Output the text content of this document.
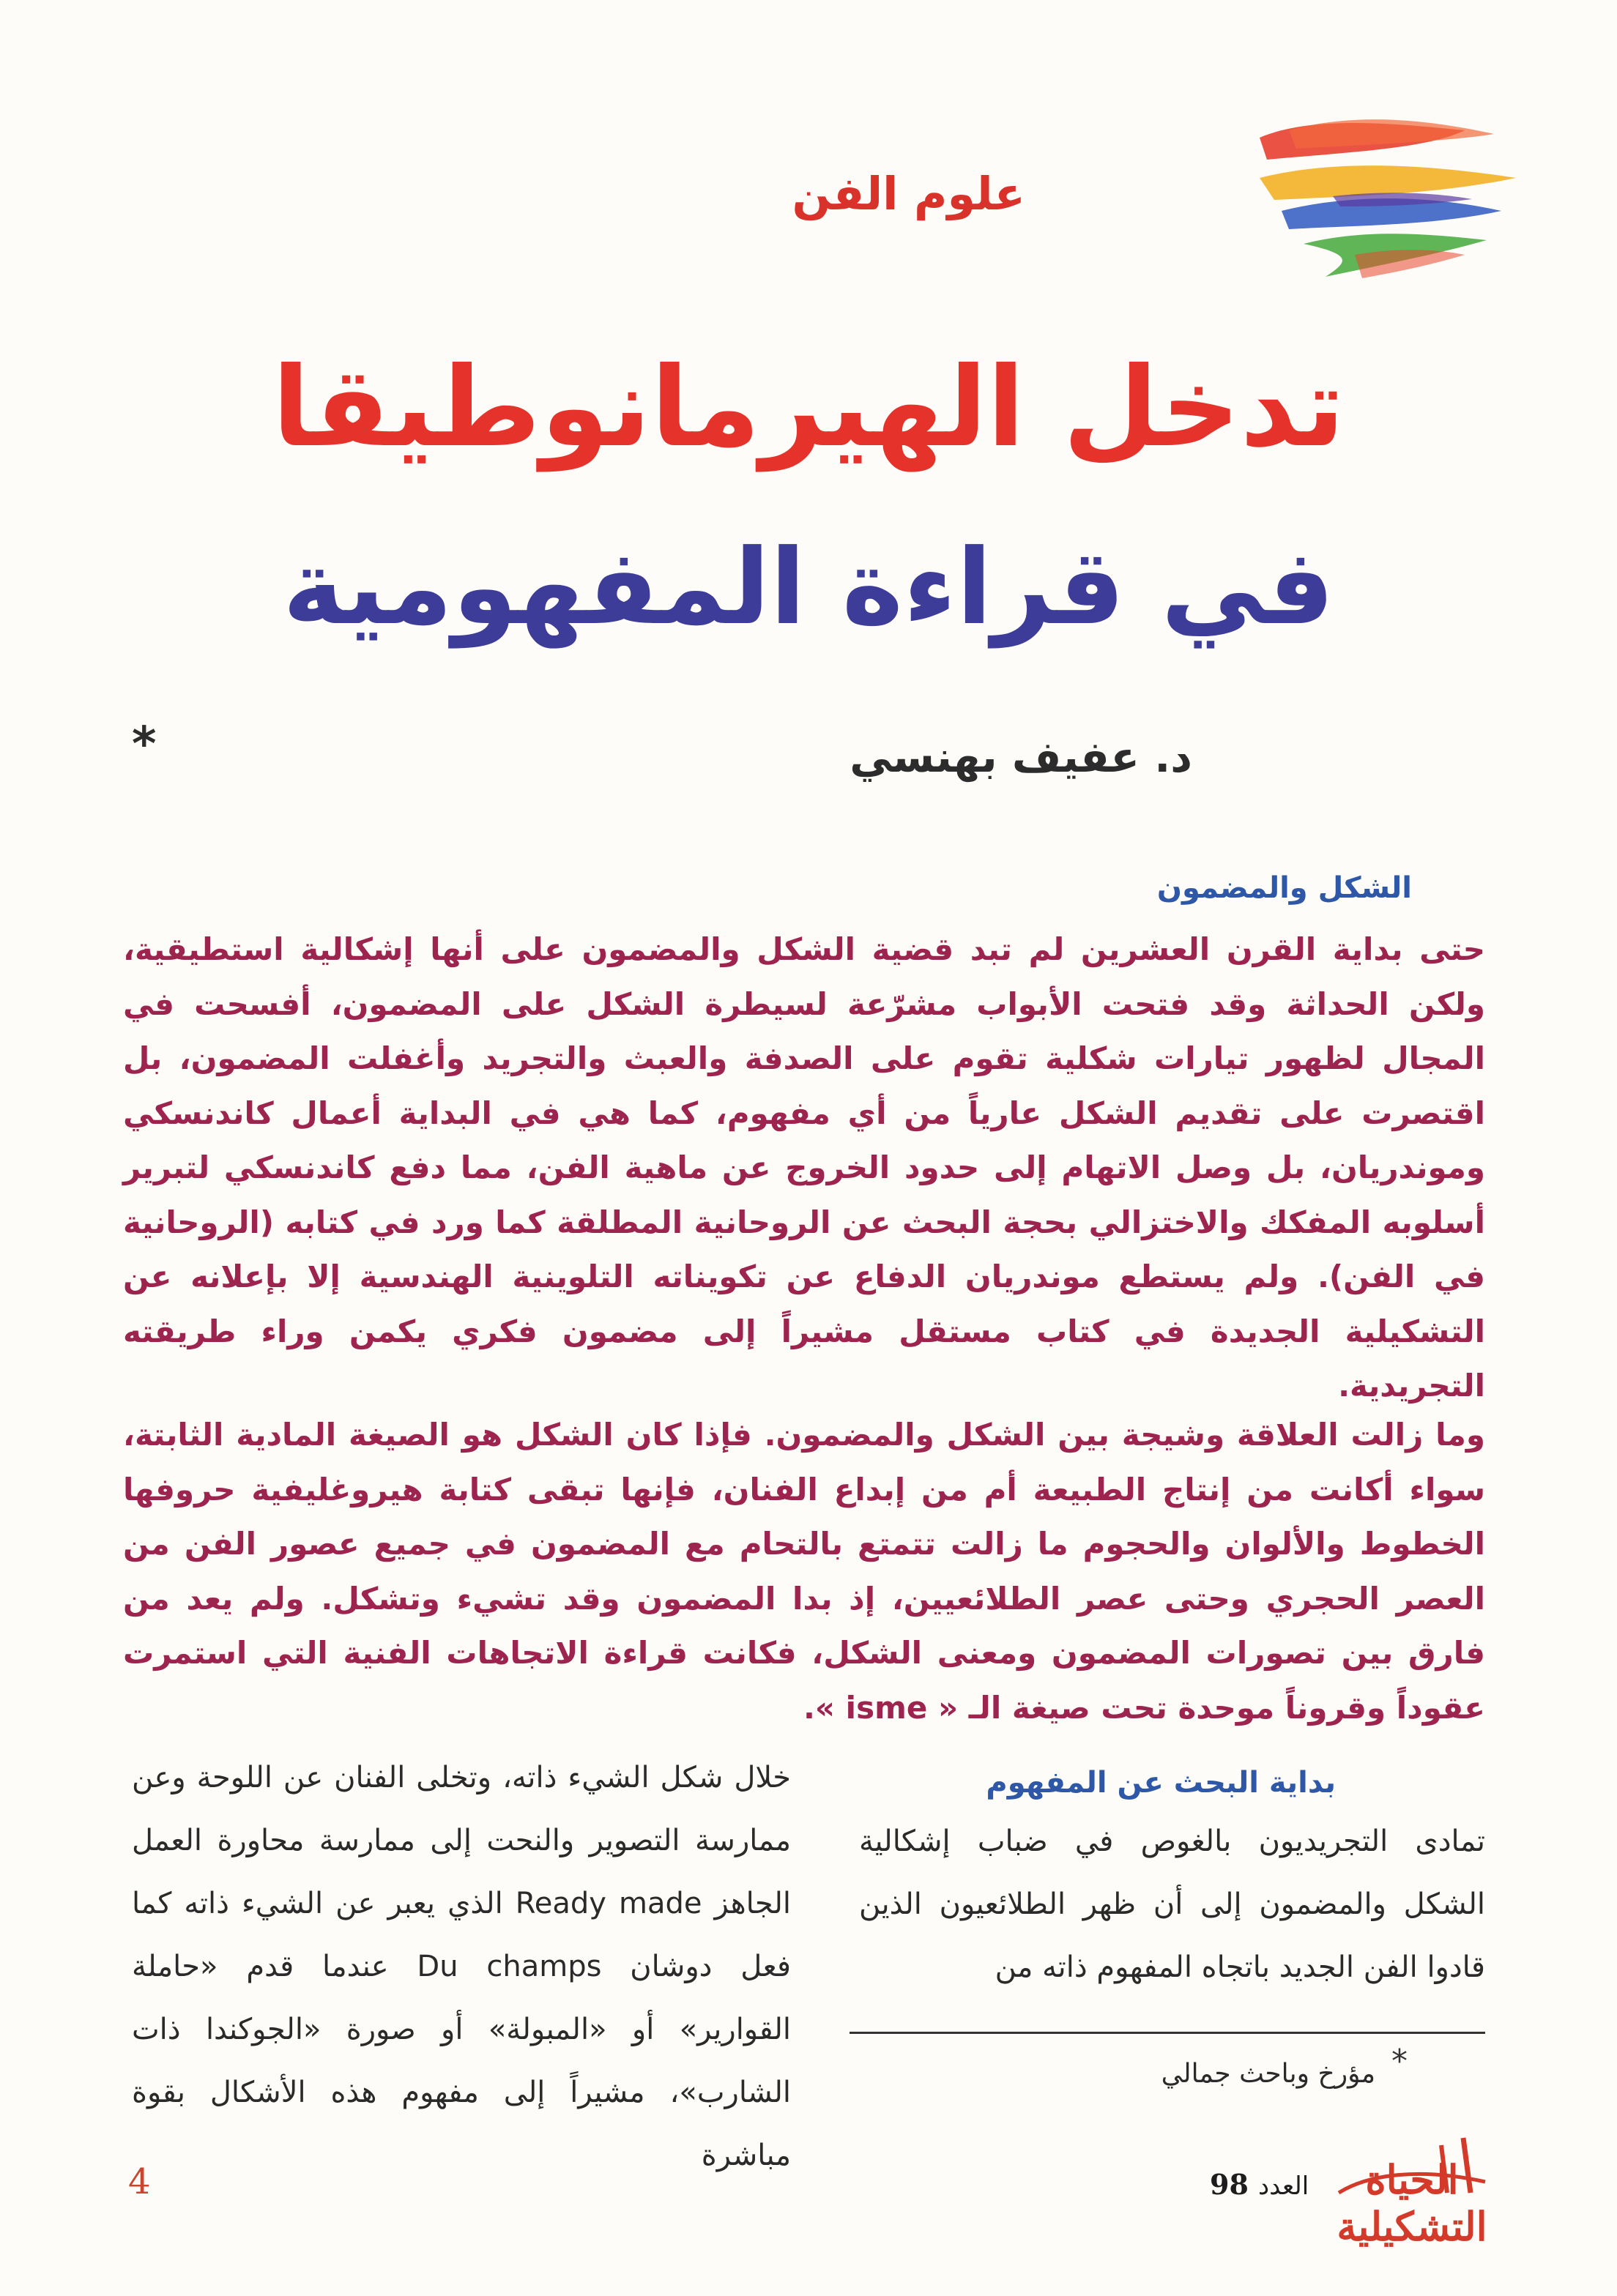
علوم الفن
تدخل الهيرمانوطيقا
في قراءة المفهومية
د. عفيف بهنسي
*
الشكل والمضمون

حتى بداية القرن العشرين لم تبد قضية الشكل والمضمون على أنها إشكالية استطيقية، ولكن الحداثة وقد فتحت الأبواب مشرّعة لسيطرة الشكل على المضمون، أفسحت في المجال لظهور تيارات شكلية تقوم على الصدفة والعبث والتجريد وأغفلت المضمون، بل اقتصرت على تقديم الشكل عارياً من أي مفهوم، كما هي في البداية أعمال كاندنسكي وموندريان، بل وصل الاتهام إلى حدود الخروج عن ماهية الفن، مما دفع كاندنسكي لتبرير أسلوبه المفكك والاختزالي بحجة البحث عن الروحانية المطلقة كما ورد في كتابه (الروحانية في الفن). ولم يستطع موندريان الدفاع عن تكويناته التلوينية الهندسية إلا بإعلانه عن التشكيلية الجديدة في كتاب مستقل مشيراً إلى مضمون فكري يكمن وراء طريقته التجريدية.

وما زالت العلاقة وشيجة بين الشكل والمضمون. فإذا كان الشكل هو الصيغة المادية الثابتة، سواء أكانت من إنتاج الطبيعة أم من إبداع الفنان، فإنها تبقى كتابة هيروغليفية حروفها الخطوط والألوان والحجوم ما زالت تتمتع بالتحام مع المضمون في جميع عصور الفن من العصر الحجري وحتى عصر الطلائعيين، إذ بدا المضمون وقد تشيء وتشكل. ولم يعد من فارق بين تصورات المضمون ومعنى الشكل، فكانت قراءة الاتجاهات الفنية التي استمرت عقوداً وقروناً موحدة تحت صيغة الـ « isme ».

بداية البحث عن المفهوم

تمادى التجريديون بالغوص في ضباب إشكالية الشكل والمضمون إلى أن ظهر الطلائعيون الذين قادوا الفن الجديد باتجاه المفهوم ذاته من

خلال شكل الشيء ذاته، وتخلى الفنان عن اللوحة وعن ممارسة التصوير والنحت إلى ممارسة محاورة العمل الجاهز Ready made الذي يعبر عن الشيء ذاته كما فعل دوشان Du champs عندما قدم «حاملة القوارير» أو «المبولة» أو صورة «الجوكندا ذات الشارب»، مشيراً إلى مفهوم هذه الأشكال بقوة مباشرة

*
مؤرخ وباحث جمالي
4	98 العدد	الحياة التشكيلية
